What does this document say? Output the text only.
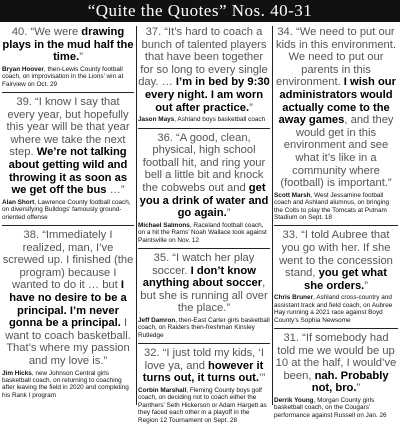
“Quite the Quotes” Nos. 40-31
40. “We were drawing plays in the mud half the time.”
Bryan Hoover, then-Lewis County football coach, on improvisation in the Lions’ win at Fairview on Oct. 29
39. “I know I say that every year, but hopefully this year will be that year where we take the next step. We’re not talking about getting wild and throwing it as soon as we get off the bus …”
Alan Short, Lawrence County football coach, on diversifying Bulldogs’ famously ground-oriented offense
38. “Immediately I realized, man, I’ve screwed up. I finished (the program) because I wanted to do it … but I have no desire to be a principal. I’m never gonna be a principal. I want to coach basketball. That’s where my passion and my love is.”
Jim Hicks, new Johnson Central girls basketball coach, on returning to coaching after leaving the field in 2020 and completing his Rank I program
37. “It’s hard to coach a bunch of talented players that have been together for so long to every single day. … I’m in bed by 9:30 every night. I am worn out after practice.”
Jason Mays, Ashland boys basketball coach
36. “A good, clean, physical, high school football hit, and ring your bell a little bit and knock the cobwebs out and get you a drink of water and go again.”
Michael Salmons, Raceland football coach, on a hit the Rams’ Noah Wallace took against Paintsville on Nov. 12
35. “I watch her play soccer. I don’t know anything about soccer, but she is running all over the place.”
Jeff Damron, then-East Carter girls basketball coach, on Raiders then-freshman Kinsley Rutledge
32. “I just told my kids, ‘I love ya, and however it turns out, it turns out.’”
Corbin Marshall, Fleming County boys golf coach, on deciding not to coach either the Panthers’ Seth Hickerson or Adam Hargett as they faced each other in a playoff in the Region 12 Tournament on Sept. 28
34. “We need to put our kids in this environment. We need to put our parents in this environment. I wish our administrators would actually come to the away games, and they would get in this environment and see what it’s like in a community where (football) is important.”
Scott Marsh, West Jessamine football coach and Ashland alumnus, on bringing the Colts to play the Tomcats at Putnam Stadium on Sept. 18
33. “I told Aubree that you go with her. If she went to the concession stand, you get what she orders.”
Chris Bruner, Ashland cross-country and assistant track and field coach, on Aubree Hay running a 2021 race against Boyd County’s Sophia Newsome
31. “If somebody had told me we would be up 10 at the half, I would’ve been, nah. Probably not, bro.”
Derrik Young, Morgan County girls basketball coach, on the Cougars’ performance against Russell on Jan. 26
